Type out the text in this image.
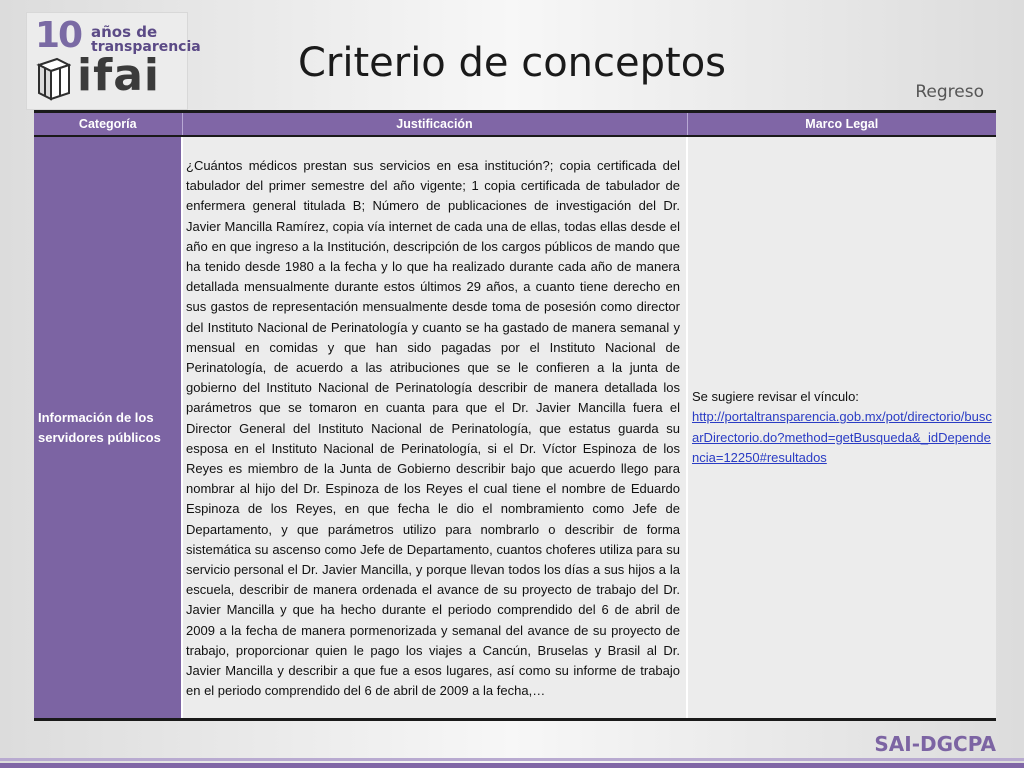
10 años de
transparencia
ifai	Criterio de conceptos
Regreso
Categoría	Justificación	Marco Legal
Información de los servidores públicos	¿Cuántos médicos prestan sus servicios en esa institución?; copia certificada del tabulador del primer semestre del año vigente; 1 copia certificada de tabulador de enfermera general titulada B; Número de publicaciones de investigación del Dr. Javier Mancilla Ramírez, copia vía internet de cada una de ellas, todas ellas desde el año en que ingreso a la Institución, descripción de los cargos públicos de mando que ha tenido desde 1980 a la fecha y lo que ha realizado durante cada año de manera detallada mensualmente durante estos últimos 29 años, a cuanto tiene derecho en sus gastos de representación mensualmente desde toma de posesión como director del Instituto Nacional de Perinatología y cuanto se ha gastado de manera semanal y mensual en comidas y que han sido pagadas por el Instituto Nacional de Perinatología, de acuerdo a las atribuciones que se le confieren a la junta de gobierno del Instituto Nacional de Perinatología describir de manera detallada los parámetros que se tomaron en cuanta para que el Dr. Javier Mancilla fuera el Director General del Instituto Nacional de Perinatología, que estatus guarda su esposa en el Instituto Nacional de Perinatología, si el Dr. Víctor Espinoza de los Reyes es miembro de la Junta de Gobierno describir bajo que acuerdo llego para nombrar al hijo del Dr. Espinoza de los Reyes el cual tiene el nombre de Eduardo Espinoza de los Reyes, en que fecha le dio el nombramiento como Jefe de Departamento, y que parámetros utilizo para nombrarlo o describir de forma sistemática su ascenso como Jefe de Departamento, cuantos choferes utiliza para su servicio personal el Dr. Javier Mancilla, y porque llevan todos los días a sus hijos a la escuela, describir de manera ordenada el avance de su proyecto de trabajo del Dr. Javier Mancilla y que ha hecho durante el periodo comprendido del 6 de abril de 2009 a la fecha de manera pormenorizada y semanal del avance de su proyecto de trabajo, proporcionar quien le pago los viajes a Cancún, Bruselas y Brasil al Dr. Javier Mancilla y describir a que fue a esos lugares, así como su informe de trabajo en el periodo comprendido del 6 de abril de 2009 a la fecha,…	Se sugiere revisar el vínculo:
http://portaltransparencia.gob.mx/pot/directorio/buscarDirectorio.do?method=getBusqueda&_idDependencia=12250#resultados
SAI-DGCPA
